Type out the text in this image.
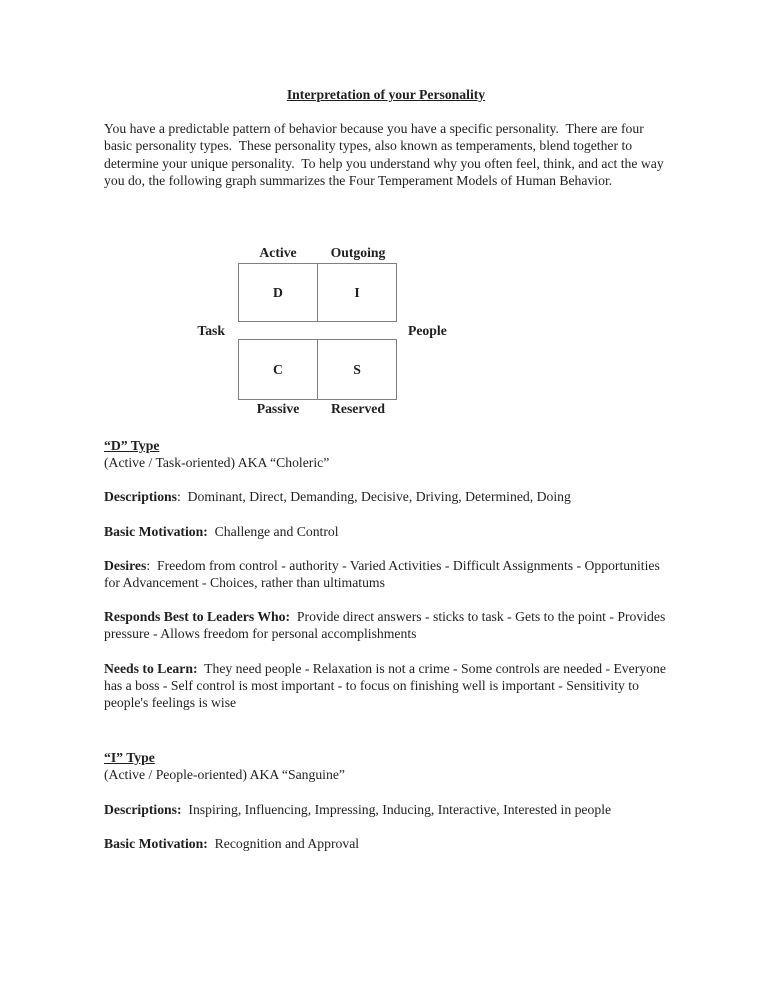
Interpretation of your Personality

You have a predictable pattern of behavior because you have a specific personality.  There are four basic personality types.  These personality types, also known as temperaments, blend together to determine your unique personality.  To help you understand why you often feel, think, and act the way you do, the following graph summarizes the Four Temperament Models of Human Behavior.

Active	Outgoing
D	I
C	S
Task	People
Passive	Reserved

“D” Type

(Active / Task-oriented) AKA “Choleric”

Descriptions:  Dominant, Direct, Demanding, Decisive, Driving, Determined, Doing

Basic Motivation:  Challenge and Control

Desires:  Freedom from control - authority - Varied Activities - Difficult Assignments - Opportunities for Advancement - Choices, rather than ultimatums

Responds Best to Leaders Who:  Provide direct answers - sticks to task - Gets to the point - Provides pressure - Allows freedom for personal accomplishments

Needs to Learn:  They need people - Relaxation is not a crime - Some controls are needed - Everyone has a boss - Self control is most important - to focus on finishing well is important - Sensitivity to people's feelings is wise

“I” Type

(Active / People-oriented) AKA “Sanguine”

Descriptions:  Inspiring, Influencing, Impressing, Inducing, Interactive, Interested in people

Basic Motivation:  Recognition and Approval
